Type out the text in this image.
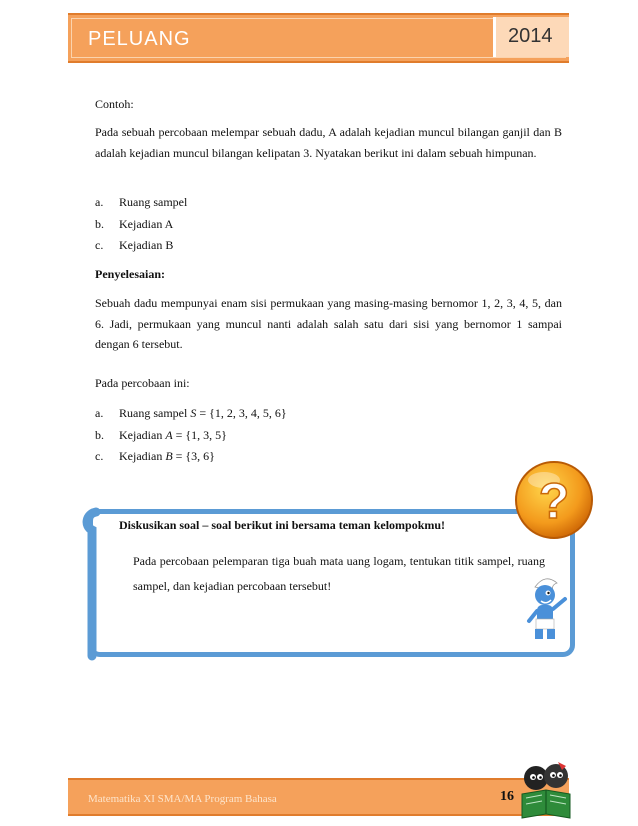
PELUANG	2014
Contoh:
Pada sebuah percobaan melempar sebuah dadu, A adalah kejadian muncul bilangan ganjil dan B adalah kejadian muncul bilangan kelipatan 3. Nyatakan berikut ini dalam sebuah himpunan.
a. Ruang sampel
b. Kejadian A
c. Kejadian B
Penyelesaian:
Sebuah dadu mempunyai enam sisi permukaan yang masing-masing bernomor 1, 2, 3, 4, 5, dan 6. Jadi, permukaan yang muncul nanti adalah salah satu dari sisi yang bernomor 1 sampai dengan 6 tersebut.
Pada percobaan ini:
a. Ruang sampel S = {1, 2, 3, 4, 5, 6}
b. Kejadian A = {1, 3, 5}
c. Kejadian B = {3, 6}
Diskusikan soal – soal berikut ini bersama teman kelompokmu!
Pada percobaan pelemparan tiga buah mata uang logam, tentukan titik sampel, ruang sampel, dan kejadian percobaan tersebut!
?
Matematika XI SMA/MA Program Bahasa	16
